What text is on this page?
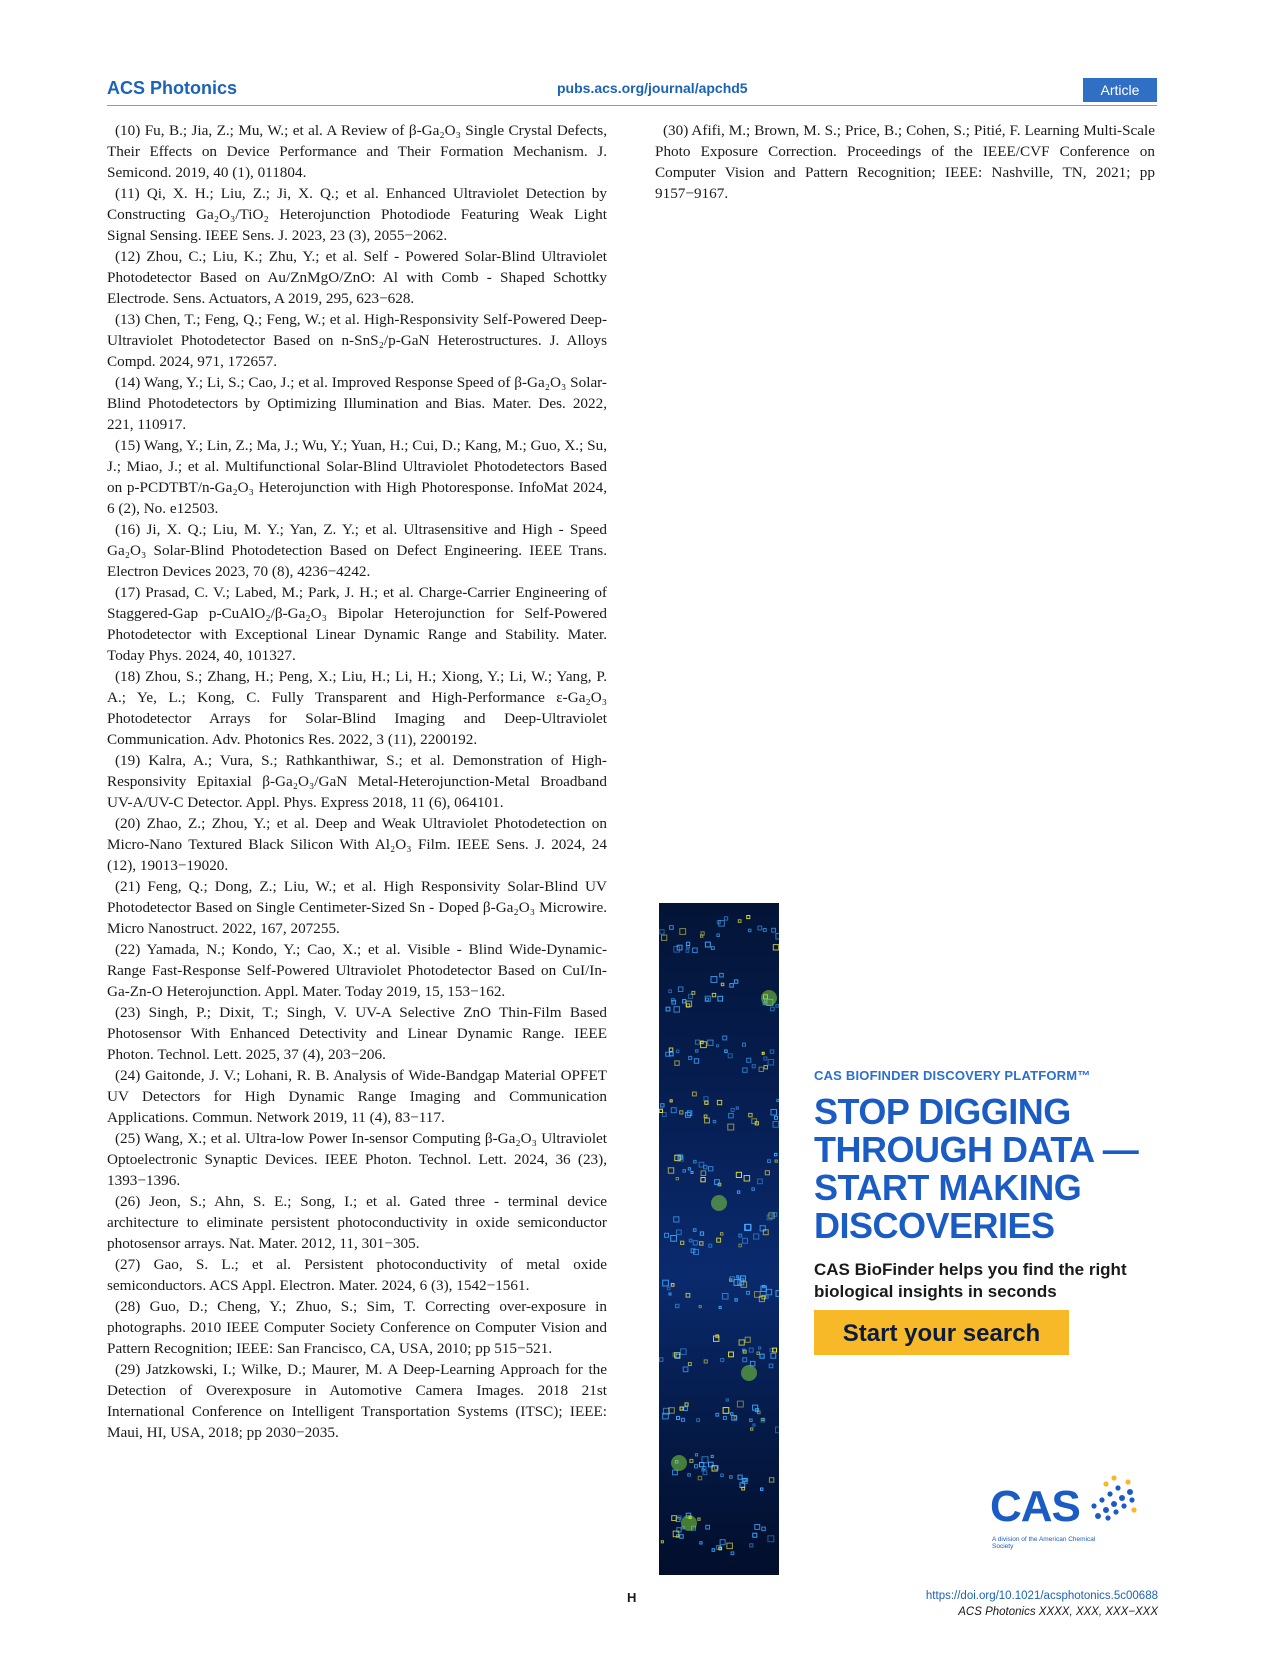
ACS Photonics	pubs.acs.org/journal/apchd5	Article

(10) Fu, B.; Jia, Z.; Mu, W.; et al. A Review of β-Ga₂O₃ Single Crystal Defects, Their Effects on Device Performance and Their Formation Mechanism. J. Semicond. 2019, 40 (1), 011804.

(11) Qi, X. H.; Liu, Z.; Ji, X. Q.; et al. Enhanced Ultraviolet Detection by Constructing Ga₂O₃/TiO₂ Heterojunction Photodiode Featuring Weak Light Signal Sensing. IEEE Sens. J. 2023, 23 (3), 2055−2062.

(12) Zhou, C.; Liu, K.; Zhu, Y.; et al. Self - Powered Solar-Blind Ultraviolet Photodetector Based on Au/ZnMgO/ZnO: Al with Comb - Shaped Schottky Electrode. Sens. Actuators, A 2019, 295, 623−628.

(13) Chen, T.; Feng, Q.; Feng, W.; et al. High-Responsivity Self-Powered Deep-Ultraviolet Photodetector Based on n-SnS₂/p-GaN Heterostructures. J. Alloys Compd. 2024, 971, 172657.

(14) Wang, Y.; Li, S.; Cao, J.; et al. Improved Response Speed of β-Ga₂O₃ Solar-Blind Photodetectors by Optimizing Illumination and Bias. Mater. Des. 2022, 221, 110917.

(15) Wang, Y.; Lin, Z.; Ma, J.; Wu, Y.; Yuan, H.; Cui, D.; Kang, M.; Guo, X.; Su, J.; Miao, J.; et al. Multifunctional Solar-Blind Ultraviolet Photodetectors Based on p-PCDTBT/n-Ga₂O₃ Heterojunction with High Photoresponse. InfoMat 2024, 6 (2), No. e12503.

(16) Ji, X. Q.; Liu, M. Y.; Yan, Z. Y.; et al. Ultrasensitive and High - Speed Ga₂O₃ Solar-Blind Photodetection Based on Defect Engineering. IEEE Trans. Electron Devices 2023, 70 (8), 4236−4242.

(17) Prasad, C. V.; Labed, M.; Park, J. H.; et al. Charge-Carrier Engineering of Staggered-Gap p-CuAlO₂/β-Ga₂O₃ Bipolar Heterojunction for Self-Powered Photodetector with Exceptional Linear Dynamic Range and Stability. Mater. Today Phys. 2024, 40, 101327.

(18) Zhou, S.; Zhang, H.; Peng, X.; Liu, H.; Li, H.; Xiong, Y.; Li, W.; Yang, P. A.; Ye, L.; Kong, C. Fully Transparent and High-Performance ε-Ga₂O₃ Photodetector Arrays for Solar-Blind Imaging and Deep-Ultraviolet Communication. Adv. Photonics Res. 2022, 3 (11), 2200192.

(19) Kalra, A.; Vura, S.; Rathkanthiwar, S.; et al. Demonstration of High-Responsivity Epitaxial β-Ga₂O₃/GaN Metal-Heterojunction-Metal Broadband UV-A/UV-C Detector. Appl. Phys. Express 2018, 11 (6), 064101.

(20) Zhao, Z.; Zhou, Y.; et al. Deep and Weak Ultraviolet Photodetection on Micro-Nano Textured Black Silicon With Al₂O₃ Film. IEEE Sens. J. 2024, 24 (12), 19013−19020.

(21) Feng, Q.; Dong, Z.; Liu, W.; et al. High Responsivity Solar-Blind UV Photodetector Based on Single Centimeter-Sized Sn - Doped β-Ga₂O₃ Microwire. Micro Nanostruct. 2022, 167, 207255.

(22) Yamada, N.; Kondo, Y.; Cao, X.; et al. Visible - Blind Wide-Dynamic-Range Fast-Response Self-Powered Ultraviolet Photodetector Based on CuI/In-Ga-Zn-O Heterojunction. Appl. Mater. Today 2019, 15, 153−162.

(23) Singh, P.; Dixit, T.; Singh, V. UV-A Selective ZnO Thin-Film Based Photosensor With Enhanced Detectivity and Linear Dynamic Range. IEEE Photon. Technol. Lett. 2025, 37 (4), 203−206.

(24) Gaitonde, J. V.; Lohani, R. B. Analysis of Wide-Bandgap Material OPFET UV Detectors for High Dynamic Range Imaging and Communication Applications. Commun. Network 2019, 11 (4), 83−117.

(25) Wang, X.; et al. Ultra-low Power In-sensor Computing β-Ga₂O₃ Ultraviolet Optoelectronic Synaptic Devices. IEEE Photon. Technol. Lett. 2024, 36 (23), 1393−1396.

(26) Jeon, S.; Ahn, S. E.; Song, I.; et al. Gated three - terminal device architecture to eliminate persistent photoconductivity in oxide semiconductor photosensor arrays. Nat. Mater. 2012, 11, 301−305.

(27) Gao, S. L.; et al. Persistent photoconductivity of metal oxide semiconductors. ACS Appl. Electron. Mater. 2024, 6 (3), 1542−1561.

(28) Guo, D.; Cheng, Y.; Zhuo, S.; Sim, T. Correcting over-exposure in photographs. 2010 IEEE Computer Society Conference on Computer Vision and Pattern Recognition; IEEE: San Francisco, CA, USA, 2010; pp 515−521.

(29) Jatzkowski, I.; Wilke, D.; Maurer, M. A Deep-Learning Approach for the Detection of Overexposure in Automotive Camera Images. 2018 21st International Conference on Intelligent Transportation Systems (ITSC); IEEE: Maui, HI, USA, 2018; pp 2030−2035.

(30) Afifi, M.; Brown, M. S.; Price, B.; Cohen, S.; Pitié, F. Learning Multi-Scale Photo Exposure Correction. Proceedings of the IEEE/CVF Conference on Computer Vision and Pattern Recognition; IEEE: Nashville, TN, 2021; pp 9157−9167.

CAS BIOFINDER DISCOVERY PLATFORM™
STOP DIGGING THROUGH DATA —START MAKING DISCOVERIES
CAS BioFinder helps you find the right biological insights in seconds
Start your search
CAS
A division of the American Chemical Society
H	https://doi.org/10.1021/acsphotonics.5c00688
ACS Photonics XXXX, XXX, XXX−XXX
